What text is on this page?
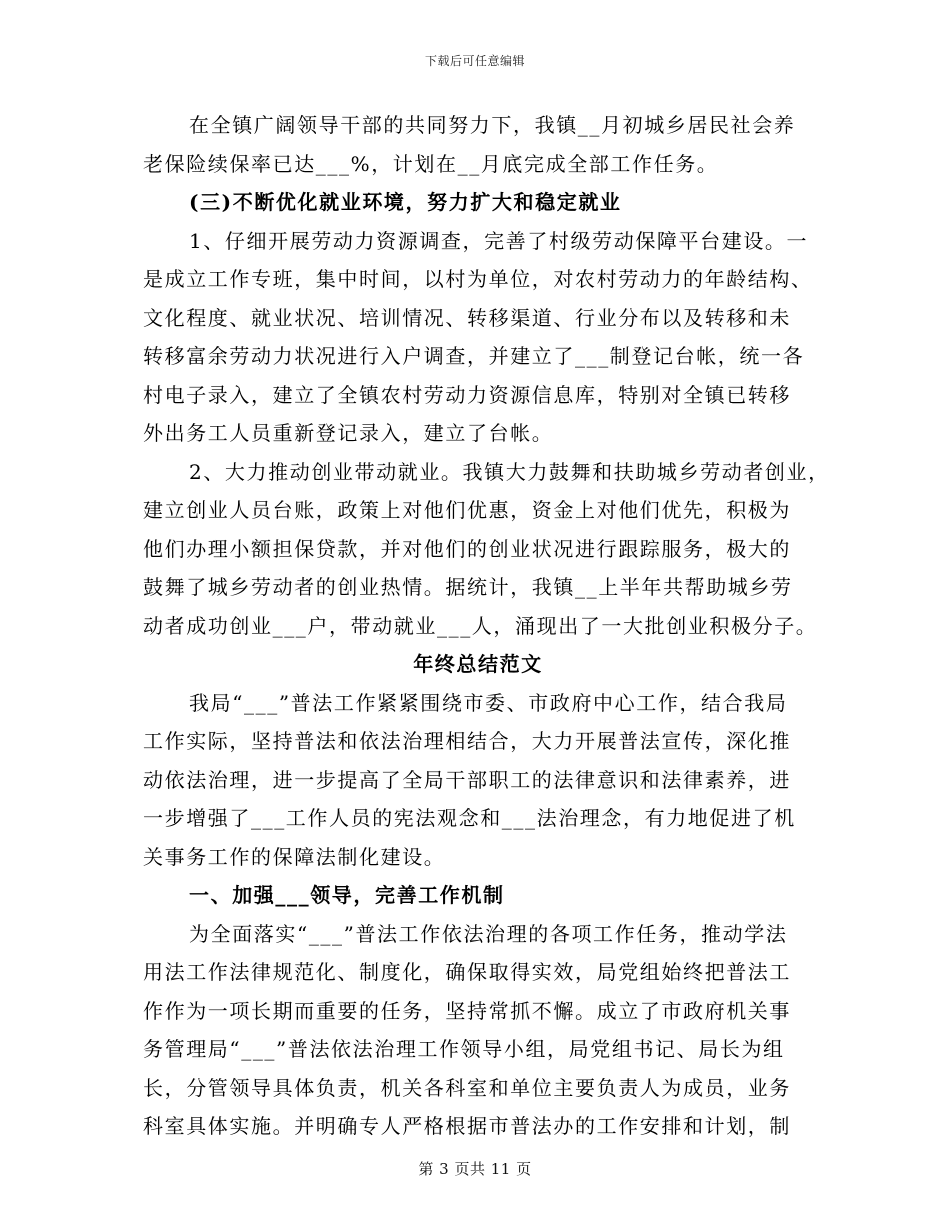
下载后可任意编辑
在全镇广阔领导干部的共同努力下，我镇__月初城乡居民社会养
老保险续保率已达___%，计划在__月底完成全部工作任务。
(三)不断优化就业环境，努力扩大和稳定就业
1、仔细开展劳动力资源调查，完善了村级劳动保障平台建设。一
是成立工作专班，集中时间，以村为单位，对农村劳动力的年龄结构、
文化程度、就业状况、培训情况、转移渠道、行业分布以及转移和未
转移富余劳动力状况进行入户调查，并建立了___制登记台帐，统一各
村电子录入，建立了全镇农村劳动力资源信息库，特别对全镇已转移
外出务工人员重新登记录入，建立了台帐。
2、大力推动创业带动就业。我镇大力鼓舞和扶助城乡劳动者创业，
建立创业人员台账，政策上对他们优惠，资金上对他们优先，积极为
他们办理小额担保贷款，并对他们的创业状况进行跟踪服务，极大的
鼓舞了城乡劳动者的创业热情。据统计，我镇__上半年共帮助城乡劳
动者成功创业___户，带动就业___人，涌现出了一大批创业积极分子。
年终总结范文
我局“___”普法工作紧紧围绕市委、市政府中心工作，结合我局
工作实际，坚持普法和依法治理相结合，大力开展普法宣传，深化推
动依法治理，进一步提高了全局干部职工的法律意识和法律素养，进
一步增强了___工作人员的宪法观念和___法治理念，有力地促进了机
关事务工作的保障法制化建设。
一、加强___领导，完善工作机制
为全面落实“___”普法工作依法治理的各项工作任务，推动学法
用法工作法律规范化、制度化，确保取得实效，局党组始终把普法工
作作为一项长期而重要的任务，坚持常抓不懈。成立了市政府机关事
务管理局“___”普法依法治理工作领导小组，局党组书记、局长为组
长，分管领导具体负责，机关各科室和单位主要负责人为成员，业务
科室具体实施。并明确专人严格根据市普法办的工作安排和计划，制
第 3 页共 11 页
